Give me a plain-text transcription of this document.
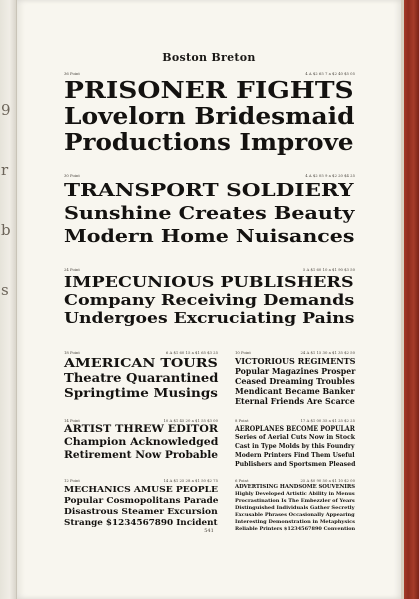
9
r
b
s
Boston Breton
36 Point	4 A $2 65 7 a $2 40 $5 05
PRISONER FIGHTS
Lovelorn Bridesmaid
Productions Improve
30 Point	4 A $2 05 9 a $2 20 $4 25
TRANSPORT SOLDIERY
Sunshine Creates Beauty
Modern Home Nuisances
24 Point	5 A $1 60 10 a $1 90 $3 50
IMPECUNIOUS PUBLISHERS
Company Receiving Demands
Undergoes Excruciating Pains
18 Point	6 A $1 60 15 a $1 65 $3 25
AMERICAN TOURS
Theatre Quarantined
Springtime Musings
10 Point	24 A $1 15 30 a $1 35 $2 50
VICTORIOUS REGIMENTS
Popular Magazines Prosper
Ceased Dreaming Troubles
Mendicant Became Banker
Eternal Friends Are Scarce
14 Point	10 A $1 45 20 a $1 55 $3 00
ARTIST THREW EDITOR
Champion Acknowledged
Retirement Now Probable
8 Point	17 A $1 00 35 a $1 25 $2 25
AEROPLANES BECOME POPULAR
Series of Aerial Cuts Now in Stock
Cast in Type Molds by this Foundry
Modern Printers Find Them Useful
Publishers and Sportsmen Pleased
12 Point	14 A $1 25 28 a $1 50 $2 75
MECHANICS AMUSE PEOPLE
Popular Cosmopolitans Parade
Disastrous Steamer Excursion
Strange $1234567890 Incident
6 Point	25 A $0 90 50 a $1 10 $2 00
ADVERTISING HANDSOME SOUVENIRS
Highly Developed Artistic Ability in Menus
Procrastination Is The Embezzler of Years
Distinguished Individuals Gather Secretly
Excusable Phrases Occasionally Appearing
Interesting Demonstration in Metaphysics
Reliable Printers $1234567890 Convention
541
